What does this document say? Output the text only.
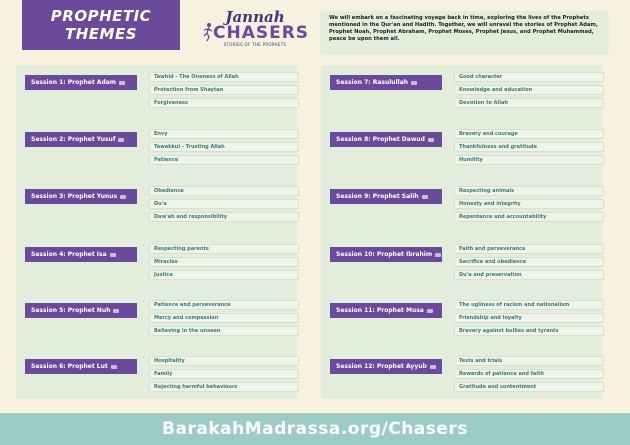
PROPHETIC THEMES
Jannah
CHASERS
STORIES OF THE PROPHETS
We will embark on a fascinating voyage back in time, exploring the lives of the Prophets mentioned in the Qur'an and Hadith. Together, we will unravel the stories of Prophet Adam, Prophet Noah, Prophet Abraham, Prophet Moses, Prophet Jesus, and Prophet Muhammad, peace be upon them all.
Session 1: Prophet Adam
Tawhid - The Oneness of Allah
Protection from Shaytan
Forgiveness
Session 2: Prophet Yusuf
Envy
Tawakkul - Trusting Allah
Patience
Session 3: Prophet Yunus
Obedience
Du'a
Daw'ah and responsibility
Session 4: Prophet Isa
Respecting parents
Miracles
Justice
Session 5: Prophet Nuh
Patience and perseverance
Mercy and compassion
Believing in the unseen
Session 6: Prophet Lut
Hospitality
Family
Rejecting harmful behaviours
Session 7: Rasulullah
Good character
Knowledge and education
Devotion to Allah
Session 8: Prophet Dawud
Bravery and courage
Thankfulness and gratitude
Humility
Session 9: Prophet Salih
Respecting animals
Honesty and integrity
Repentance and accountability
Session 10: Prophet Ibrahim
Faith and perseverance
Sacrifice and obedience
Du'a and preservation
Session 11: Prophet Musa
The ugliness of racism and nationalism
Friendship and loyalty
Bravery against bullies and tyrants
Session 12: Prophet Ayyub
Tests and trials
Rewards of patience and faith
Gratitude and contentment
BarakahMadrassa.org/Chasers
